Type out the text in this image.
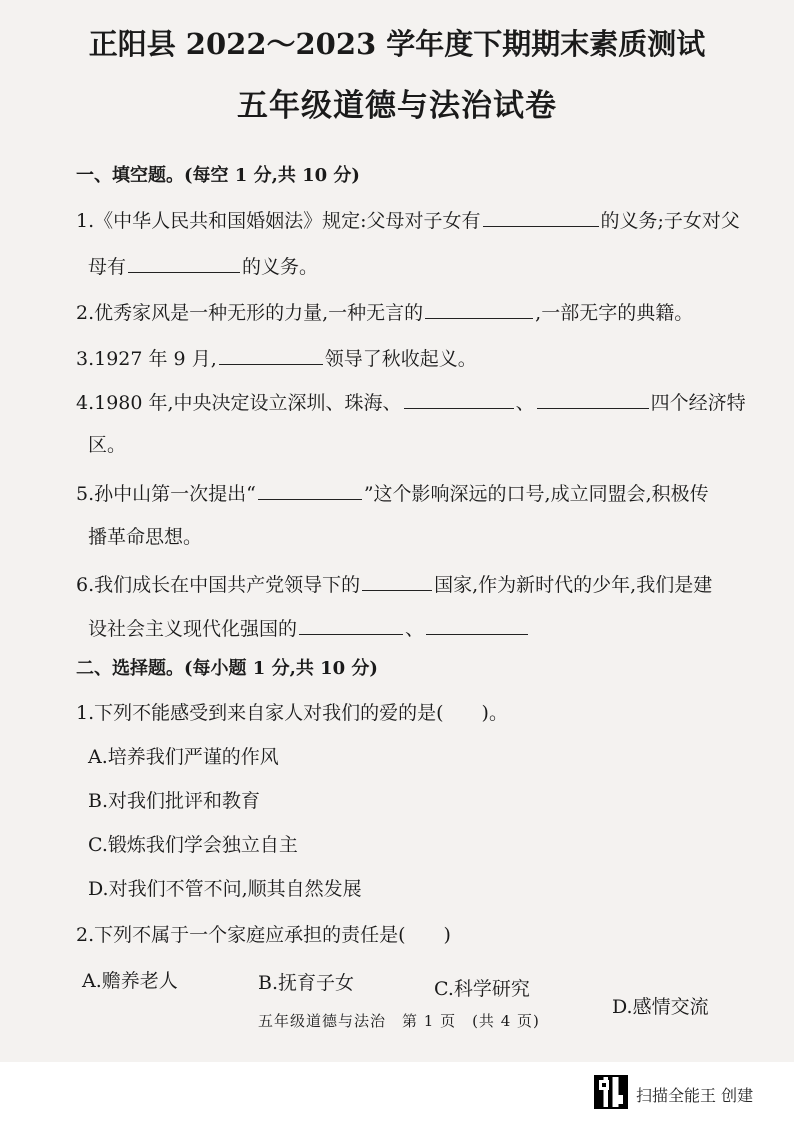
正阳县 2022～2023 学年度下期期末素质测试
五年级道德与法治试卷
一、填空题。(每空 1 分,共 10 分)
1.《中华人民共和国婚姻法》规定:父母对子女有	的义务;子女对父
母有	的义务。
2.优秀家风是一种无形的力量,一种无言的	,一部无字的典籍。
3.1927 年 9 月,	领导了秋收起义。
4.1980 年,中央决定设立深圳、珠海、	、	四个经济特
区。
5.孙中山第一次提出“	”这个影响深远的口号,成立同盟会,积极传
播革命思想。
6.我们成长在中国共产党领导下的	国家,作为新时代的少年,我们是建
设社会主义现代化强国的	、
二、选择题。(每小题 1 分,共 10 分)
1.下列不能感受到来自家人对我们的爱的是(　　)。
A.培养我们严谨的作风
B.对我们批评和教育
C.锻炼我们学会独立自主
D.对我们不管不问,顺其自然发展
2.下列不属于一个家庭应承担的责任是(　　)
A.赡养老人	B.抚育子女	C.科学研究
D.感情交流
五年级道德与法治　第 1 页　(共 4 页)
扫描全能王 创建
